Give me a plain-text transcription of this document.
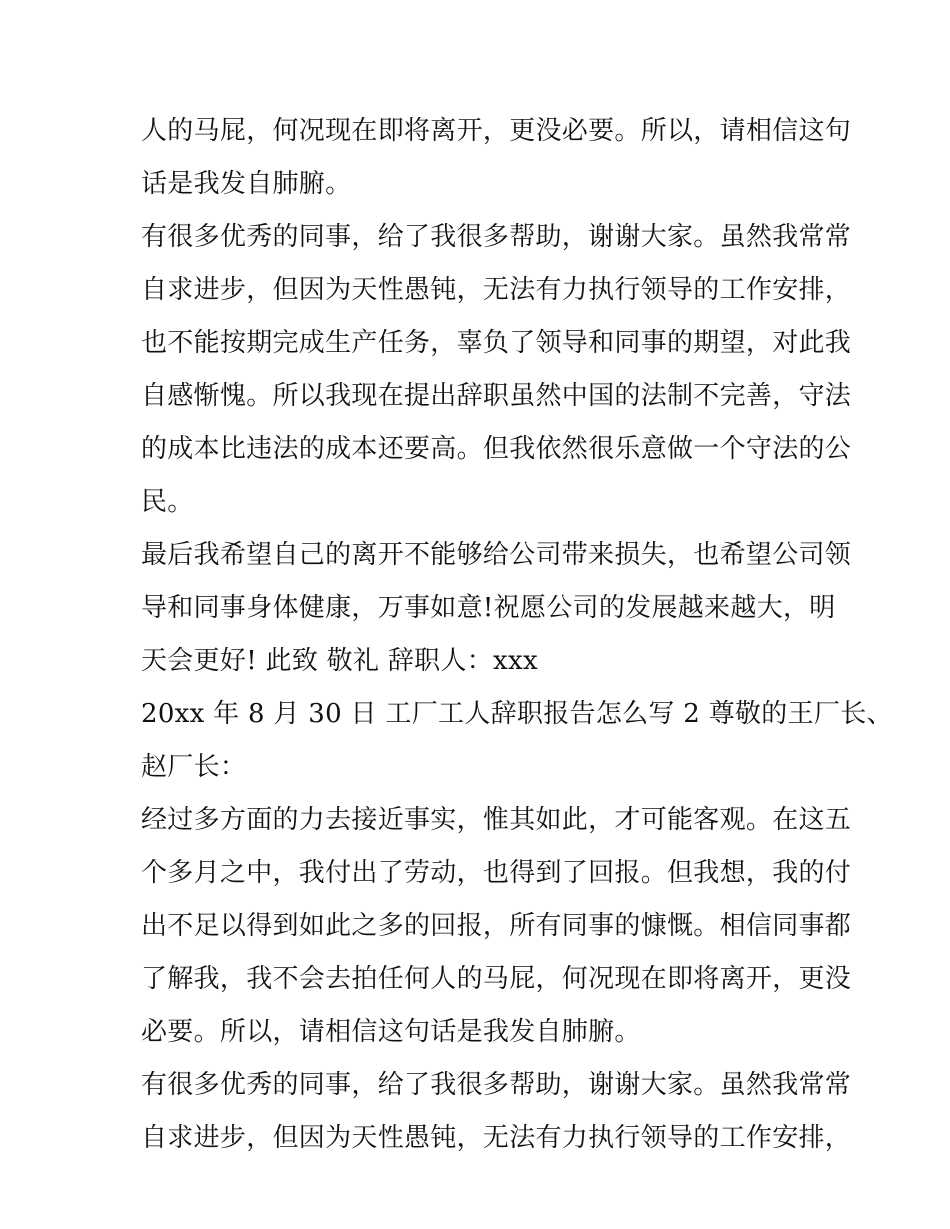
人的马屁，何况现在即将离开，更没必要。所以，请相信这句
话是我发自肺腑。
有很多优秀的同事，给了我很多帮助，谢谢大家。虽然我常常
自求进步，但因为天性愚钝，无法有力执行领导的工作安排，
也不能按期完成生产任务，辜负了领导和同事的期望，对此我
自感惭愧。所以我现在提出辞职虽然中国的法制不完善，守法
的成本比违法的成本还要高。但我依然很乐意做一个守法的公
民。
最后我希望自己的离开不能够给公司带来损失，也希望公司领
导和同事身体健康，万事如意!祝愿公司的发展越来越大，明
天会更好! 此致 敬礼 辞职人：xxx
20xx 年 8 月 30 日 工厂工人辞职报告怎么写 2 尊敬的王厂长、
赵厂长：
经过多方面的力去接近事实，惟其如此，才可能客观。在这五
个多月之中，我付出了劳动，也得到了回报。但我想，我的付
出不足以得到如此之多的回报，所有同事的慷慨。相信同事都
了解我，我不会去拍任何人的马屁，何况现在即将离开，更没
必要。所以，请相信这句话是我发自肺腑。
有很多优秀的同事，给了我很多帮助，谢谢大家。虽然我常常
自求进步，但因为天性愚钝，无法有力执行领导的工作安排，
